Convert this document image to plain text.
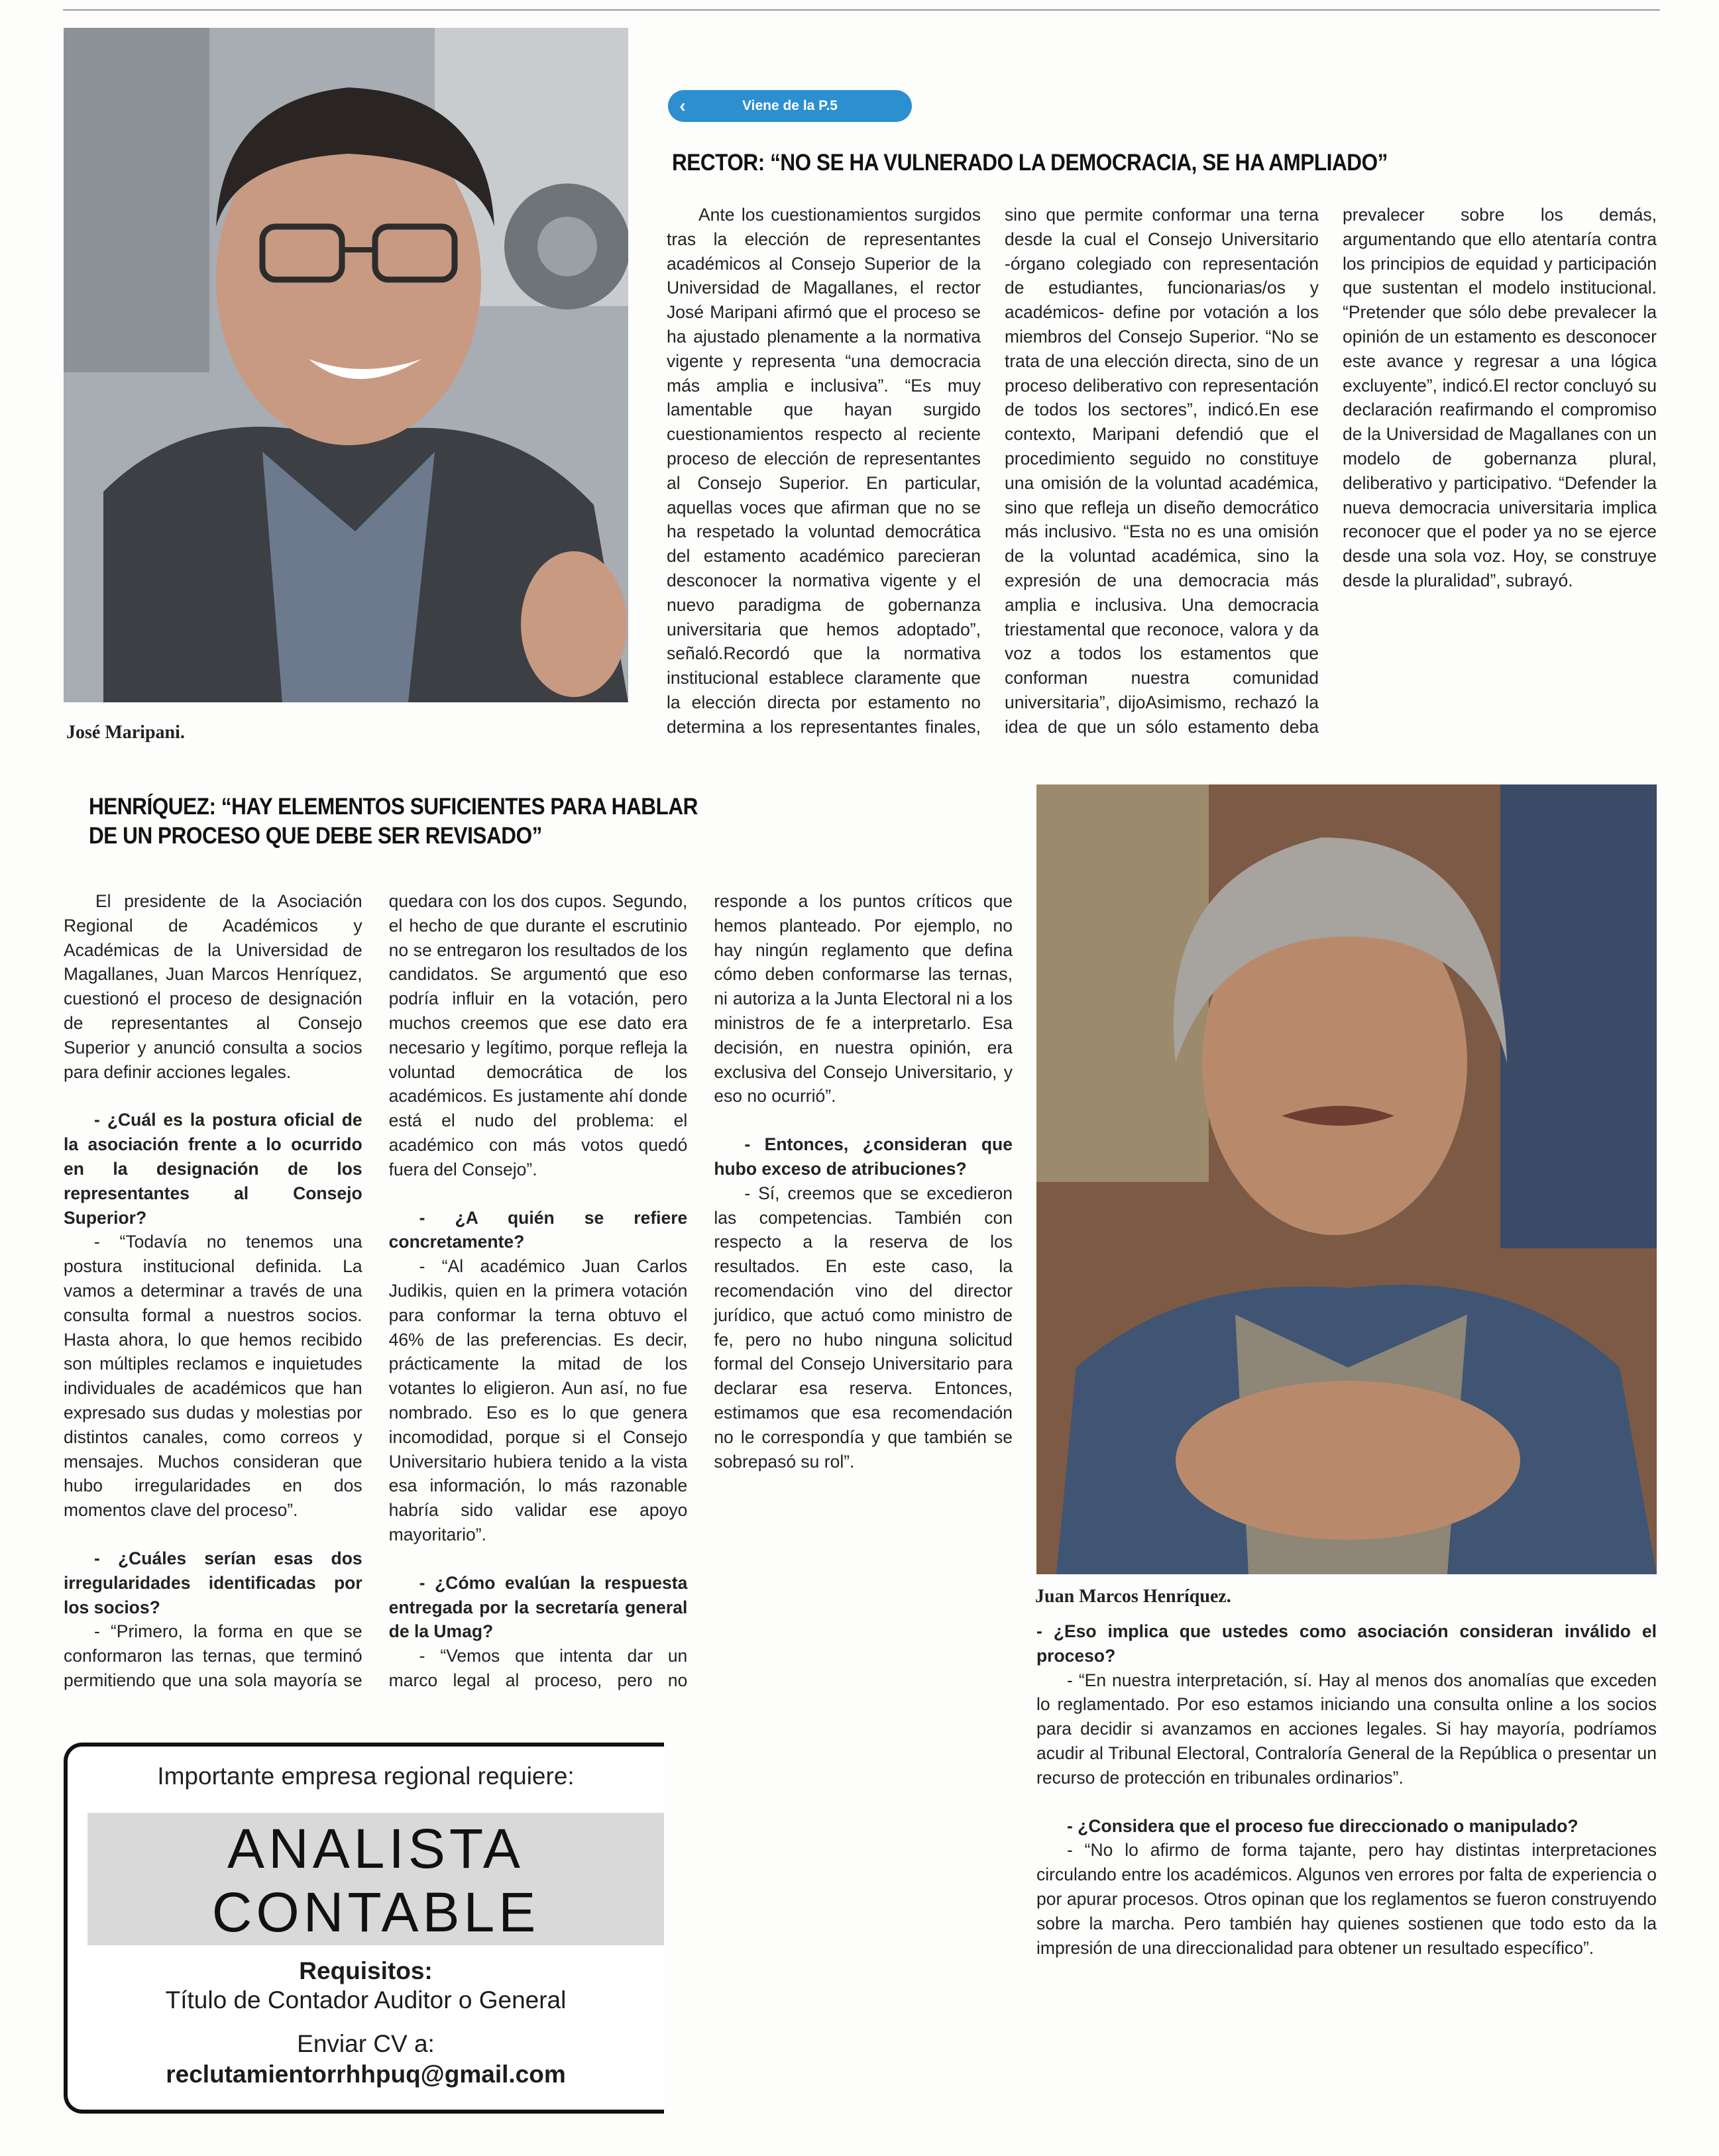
José Maripani.
‹	Viene de la P.5
RECTOR: “NO SE HA VULNERADO LA DEMOCRACIA, SE HA AMPLIADO”

Ante los cuestionamientos surgidos tras la elección de representantes académicos al Consejo Superior de la Universidad de Magallanes, el rector José Maripani afirmó que el proceso se ha ajustado plenamente a la normativa vigente y representa “una democracia más amplia e inclusiva”. “Es muy lamentable que hayan surgido cuestionamientos respecto al reciente proceso de elección de representantes al Consejo Superior. En particular, aquellas voces que afirman que no se ha respetado la voluntad democrática del estamento académico parecieran desconocer la normativa vigente y el nuevo paradigma de gobernanza universitaria que hemos adoptado”, señaló.Recordó que la normativa institucional establece claramente que la elección directa por estamento no determina a los representantes finales, sino que permite conformar una terna desde la cual el Consejo Universitario -órgano colegiado con representación de estudiantes, funcionarias/os y académicos- define por votación a los miembros del Consejo Superior. “No se trata de una elección directa, sino de un proceso deliberativo con representación de todos los sectores”, indicó.En ese contexto, Maripani defendió que el procedimiento seguido no constituye una omisión de la voluntad académica, sino que refleja un diseño democrático más inclusivo. “Esta no es una omisión de la voluntad académica, sino la expresión de una democracia más amplia e inclusiva. Una democracia triestamental que reconoce, valora y da voz a todos los estamentos que conforman nuestra comunidad universitaria”, dijoAsimismo, rechazó la idea de que un sólo estamento deba prevalecer sobre los demás, argumentando que ello atentaría contra los principios de equidad y participación que sustentan el modelo institucional. “Pretender que sólo debe prevalecer la opinión de un estamento es desconocer este avance y regresar a una lógica excluyente”, indicó.El rector concluyó su declaración reafirmando el compromiso de la Universidad de Magallanes con un modelo de gobernanza plural, deliberativo y participativo. “Defender la nueva democracia universitaria implica reconocer que el poder ya no se ejerce desde una sola voz. Hoy, se construye desde la pluralidad”, subrayó.

HENRÍQUEZ: “HAY ELEMENTOS SUFICIENTES PARA HABLAR
DE UN PROCESO QUE DEBE SER REVISADO”
Juan Marcos Henríquez.

El presidente de la Asociación Regional de Académicos y Académicas de la Universidad de Magallanes, Juan Marcos Henríquez, cuestionó el proceso de designación de representantes al Consejo Superior y anunció consulta a socios para definir acciones legales.

- ¿Cuál es la postura oficial de la asociación frente a lo ocurrido en la designación de los representantes al Consejo Superior?

- “Todavía no tenemos una postura institucional definida. La vamos a determinar a través de una consulta formal a nuestros socios. Hasta ahora, lo que hemos recibido son múltiples reclamos e inquietudes individuales de académicos que han expresado sus dudas y molestias por distintos canales, como correos y mensajes. Muchos consideran que hubo irregularidades en dos momentos clave del proceso”.

- ¿Cuáles serían esas dos irregularidades identificadas por los socios?

- “Primero, la forma en que se conformaron las ternas, que terminó permitiendo que una sola mayoría se quedara con los dos cupos. Segundo, el hecho de que durante el escrutinio no se entregaron los resultados de los candidatos. Se argumentó que eso podría influir en la votación, pero muchos creemos que ese dato era necesario y legítimo, porque refleja la voluntad democrática de los académicos. Es justamente ahí donde está el nudo del problema: el académico con más votos quedó fuera del Consejo”.

- ¿A quién se refiere concretamente?

- “Al académico Juan Carlos Judikis, quien en la primera votación para conformar la terna obtuvo el 46% de las preferencias. Es decir, prácticamente la mitad de los votantes lo eligieron. Aun así, no fue nombrado. Eso es lo que genera incomodidad, porque si el Consejo Universitario hubiera tenido a la vista esa información, lo más razonable habría sido validar ese apoyo mayoritario”.

- ¿Cómo evalúan la respuesta entregada por la secretaría general de la Umag?

- “Vemos que intenta dar un marco legal al proceso, pero no responde a los puntos críticos que hemos planteado. Por ejemplo, no hay ningún reglamento que defina cómo deben conformarse las ternas, ni autoriza a la Junta Electoral ni a los ministros de fe a interpretarlo. Esa decisión, en nuestra opinión, era exclusiva del Consejo Universitario, y eso no ocurrió”.

- Entonces, ¿consideran que hubo exceso de atribuciones?

- Sí, creemos que se excedieron las competencias. También con respecto a la reserva de los resultados. En este caso, la recomendación vino del director jurídico, que actuó como ministro de fe, pero no hubo ninguna solicitud formal del Consejo Universitario para declarar esa reserva. Entonces, estimamos que esa recomendación no le correspondía y que también se sobrepasó su rol”.

- ¿Eso implica que ustedes como asociación consideran inválido el proceso?

- “En nuestra interpretación, sí. Hay al menos dos anomalías que exceden lo reglamentado. Por eso estamos iniciando una consulta online a los socios para decidir si avanzamos en acciones legales. Si hay mayoría, podríamos acudir al Tribunal Electoral, Contraloría General de la República o presentar un recurso de protección en tribunales ordinarios”.

- ¿Considera que el proceso fue direccionado o manipulado?

- “No lo afirmo de forma tajante, pero hay distintas interpretaciones circulando entre los académicos. Algunos ven errores por falta de experiencia o por apurar procesos. Otros opinan que los reglamentos se fueron construyendo sobre la marcha. Pero también hay quienes sostienen que todo esto da la impresión de una direccionalidad para obtener un resultado específico”.

Importante empresa regional requiere:
ANALISTA
CONTABLE
Requisitos:
Título de Contador Auditor o General
Enviar CV a:
reclutamientorrhhpuq@gmail.com
